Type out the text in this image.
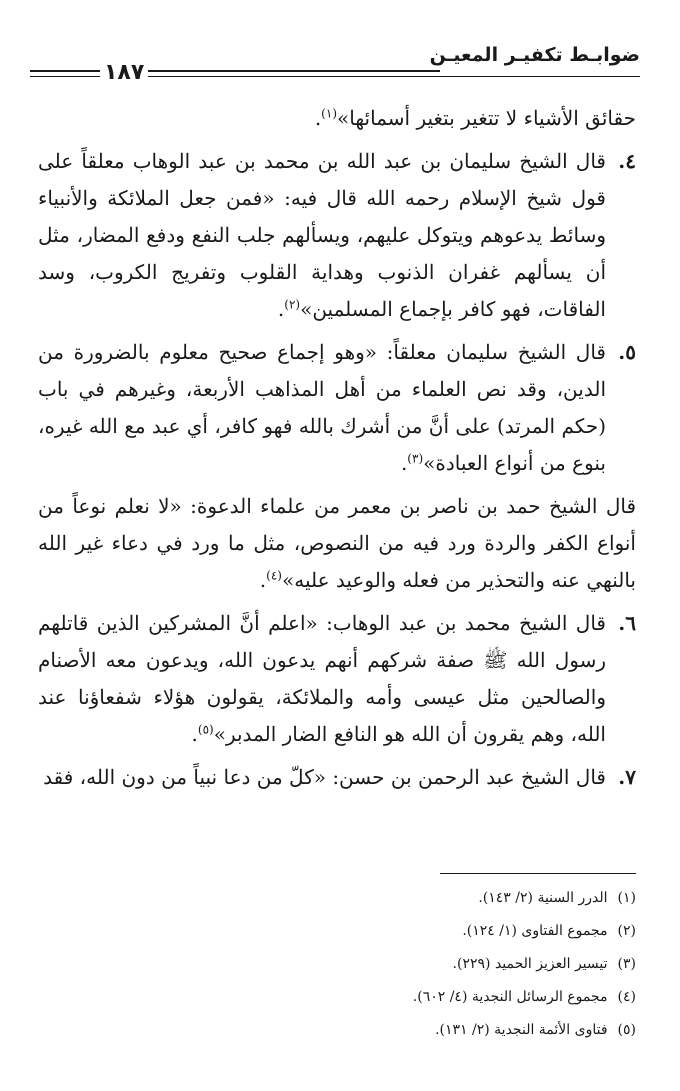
ضوابـط تكفيـر المعيـن
١٨٧

حقائق الأشياء لا تتغير بتغير أسمائها»$^{(١)}$.

٤.
قال الشيخ سليمان بن عبد الله بن محمد بن عبد الوهاب معلقاً على قول شيخ الإسلام رحمه الله قال فيه: «فمن جعل الملائكة والأنبياء وسائط يدعوهم ويتوكل عليهم، ويسألهم جلب النفع ودفع المضار، مثل أن يسألهم غفران الذنوب وهداية القلوب وتفريج الكروب، وسد الفاقات، فهو كافر بإجماع المسلمين»$^{(٢)}$.

٥.
قال الشيخ سليمان معلقاً: «وهو إجماع صحيح معلوم بالضرورة من الدين، وقد نص العلماء من أهل المذاهب الأربعة، وغيرهم في باب (حكم المرتد) على أنَّ من أشرك بالله فهو كافر، أي عبد مع الله غيره، بنوع من أنواع العبادة»$^{(٣)}$.

قال الشيخ حمد بن ناصر بن معمر من علماء الدعوة: «لا نعلم نوعاً من أنواع الكفر والردة ورد فيه من النصوص، مثل ما ورد في دعاء غير الله بالنهي عنه والتحذير من فعله والوعيد عليه»$^{(٤)}$.

٦.
قال الشيخ محمد بن عبد الوهاب: «اعلم أنَّ المشركين الذين قاتلهم رسول الله ﷺ صفة شركهم أنهم يدعون الله، ويدعون معه الأصنام والصالحين مثل عيسى وأمه والملائكة، يقولون هؤلاء شفعاؤنا عند الله، وهم يقرون أن الله هو النافع الضار المدبر»$^{(٥)}$.

٧.
قال الشيخ عبد الرحمن بن حسن: «كلّ من دعا نبياً من دون الله، فقد

(١)الدرر السنية (٢/ ١٤٣).
(٢)مجموع الفتاوى (١/ ١٢٤).
(٣)تيسير العزيز الحميد (٢٢٩).
(٤)مجموع الرسائل النجدية (٤/ ٦٠٢).
(٥)فتاوى الأئمة النجدية (٢/ ١٣١).
